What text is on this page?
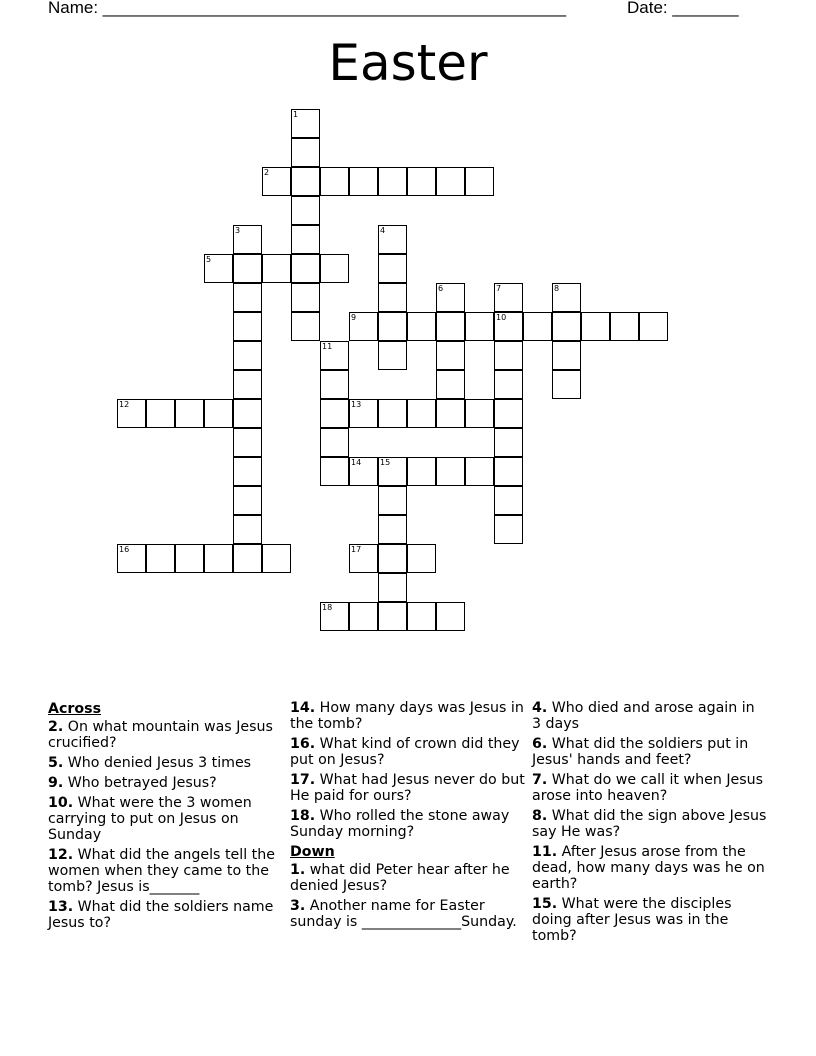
Name: _________________________________________________	Date: _______
Easter
1
2
3	4
5
6	7
10
8
9
11
12	13
14 15
16	17
18
Across
2. On what mountain was Jesus crucified?
5. Who denied Jesus 3 times
9. Who betrayed Jesus?
10. What were the 3 women carrying to put on Jesus on Sunday
12. What did the angels tell the women when they came to the tomb? Jesus is_______
13. What did the soldiers name Jesus to?
14. How many days was Jesus in the tomb?
16. What kind of crown did they put on Jesus?
17. What had Jesus never do but He paid for ours?
18. Who rolled the stone away Sunday morning?
Down
1. what did Peter hear after he denied Jesus?
3. Another name for Easter sunday is ______________Sunday.
4. Who died and arose again in 3 days
6. What did the soldiers put in Jesus' hands and feet?
7. What do we call it when Jesus arose into heaven?
8. What did the sign above Jesus say He was?
11. After Jesus arose from the dead, how many days was he on earth?
15. What were the disciples doing after Jesus was in the tomb?
